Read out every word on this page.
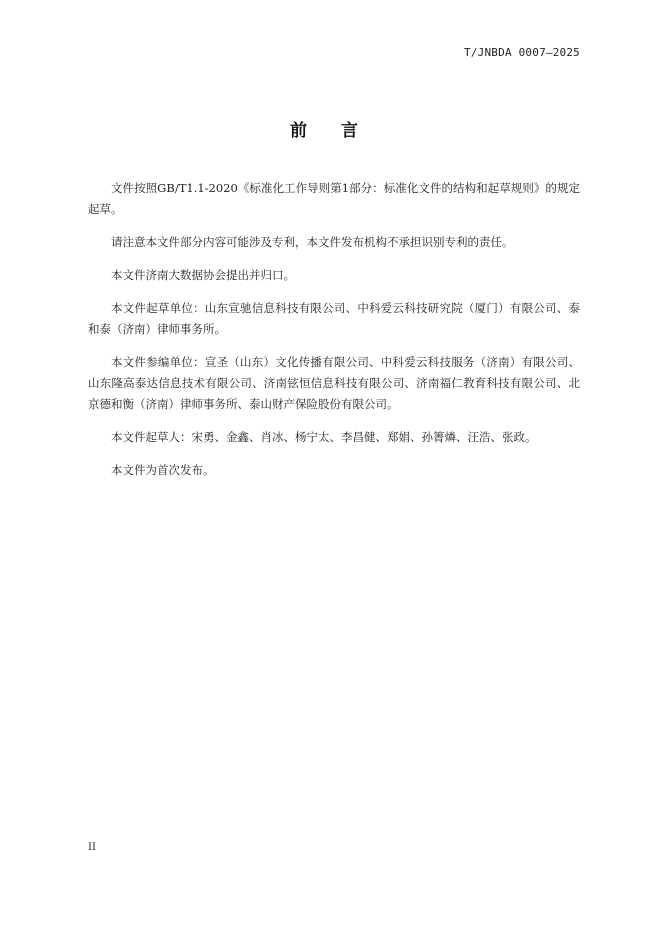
T/JNBDA 0007—2025
前 言

文件按照GB/T1.1-2020《标准化工作导则第1部分：标准化文件的结构和起草规则》的规定起草。

请注意本文件部分内容可能涉及专利，本文件发布机构不承担识别专利的责任。

本文件济南大数据协会提出并归口。

本文件起草单位：山东宣驰信息科技有限公司、中科爱云科技研究院（厦门）有限公司、泰和泰（济南）律师事务所。

本文件参编单位：宣圣（山东）文化传播有限公司、中科爱云科技服务（济南）有限公司、山东隆高泰达信息技术有限公司、济南铉恒信息科技有限公司、济南福仁教育科技有限公司、北京德和衡（济南）律师事务所、泰山财产保险股份有限公司。

本文件起草人：宋勇、金鑫、肖冰、杨宁太、李昌健、郑娟、孙箐燐、汪浩、张政。

本文件为首次发布。

II
